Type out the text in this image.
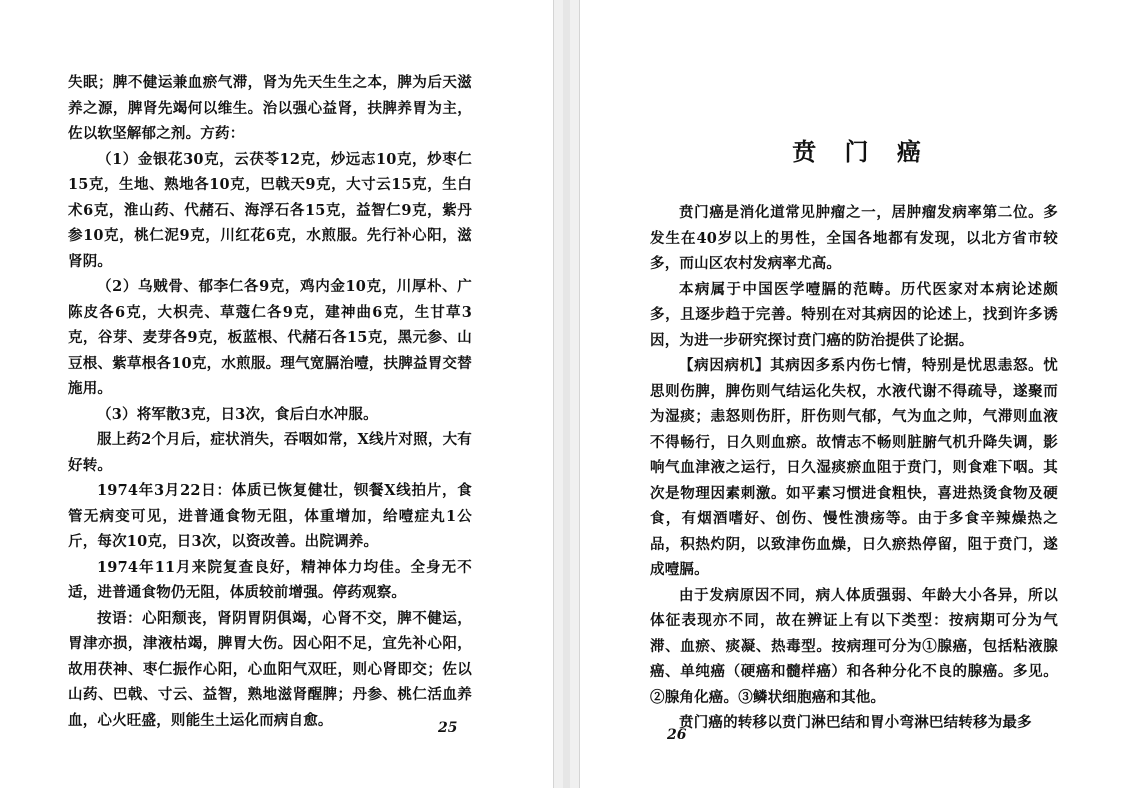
失眠；脾不健运兼血瘀气滞，肾为先天生生之本，脾为后天滋养之源，脾肾先竭何以维生。治以强心益肾，扶脾养胃为主，佐以软坚解郁之剂。方药：

（1）金银花30克，云茯苓12克，炒远志10克，炒枣仁15克，生地、熟地各10克，巴戟天9克，大寸云15克，生白术6克，淮山药、代赭石、海浮石各15克，益智仁9克，紫丹参10克，桃仁泥9克，川红花6克，水煎服。先行补心阳，滋肾阴。

（2）乌贼骨、郁李仁各9克，鸡内金10克，川厚朴、广陈皮各6克，大枳壳、草蔻仁各9克，建神曲6克，生甘草3克，谷芽、麦芽各9克，板蓝根、代赭石各15克，黑元参、山豆根、紫草根各10克，水煎服。理气宽膈治噎，扶脾益胃交替施用。

（3）将军散3克，日3次，食后白水冲服。

服上药2个月后，症状消失，吞咽如常，X线片对照，大有好转。

1974年3月22日：体质已恢复健壮，钡餐X线拍片，食管无病变可见，进普通食物无阻，体重增加，给噎症丸1公斤，每次10克，日3次，以资改善。出院调养。

1974年11月来院复查良好，精神体力均佳。全身无不适，进普通食物仍无阻，体质较前增强。停药观察。

按语：心阳颓丧，肾阴胃阴俱竭，心肾不交，脾不健运，胃津亦损，津液枯竭，脾胃大伤。因心阳不足，宜先补心阳，故用茯神、枣仁振作心阳，心血阳气双旺，则心肾即交；佐以山药、巴戟、寸云、益智，熟地滋肾醒脾；丹参、桃仁活血养血，心火旺盛，则能生土运化而病自愈。	25
贲 门 癌

贲门癌是消化道常见肿瘤之一，居肿瘤发病率第二位。多发生在40岁以上的男性，全国各地都有发现，以北方省市较多，而山区农村发病率尤高。

本病属于中国医学噎膈的范畴。历代医家对本病论述颇多，且逐步趋于完善。特别在对其病因的论述上，找到许多诱因，为进一步研究探讨贲门癌的防治提供了论据。

【病因病机】其病因多系内伤七情，特别是忧思恚怒。忧思则伤脾，脾伤则气结运化失权，水液代谢不得疏导，遂聚而为湿痰；恚怒则伤肝，肝伤则气郁，气为血之帅，气滞则血液不得畅行，日久则血瘀。故情志不畅则脏腑气机升降失调，影响气血津液之运行，日久湿痰瘀血阻于贲门，则食难下咽。其次是物理因素刺激。如平素习惯进食粗快，喜进热烫食物及硬食，有烟酒嗜好、创伤、慢性溃疡等。由于多食辛辣燥热之品，积热灼阴，以致津伤血燥，日久瘀热停留，阻于贲门，遂成噎膈。

由于发病原因不同，病人体质强弱、年龄大小各异，所以体征表现亦不同，故在辨证上有以下类型：按病期可分为气滞、血瘀、痰凝、热毒型。按病理可分为①腺癌，包括粘液腺癌、单纯癌（硬癌和髓样癌）和各种分化不良的腺癌。多见。②腺角化癌。③鳞状细胞癌和其他。

贲门癌的转移以贲门淋巴结和胃小弯淋巴结转移为最多

26
